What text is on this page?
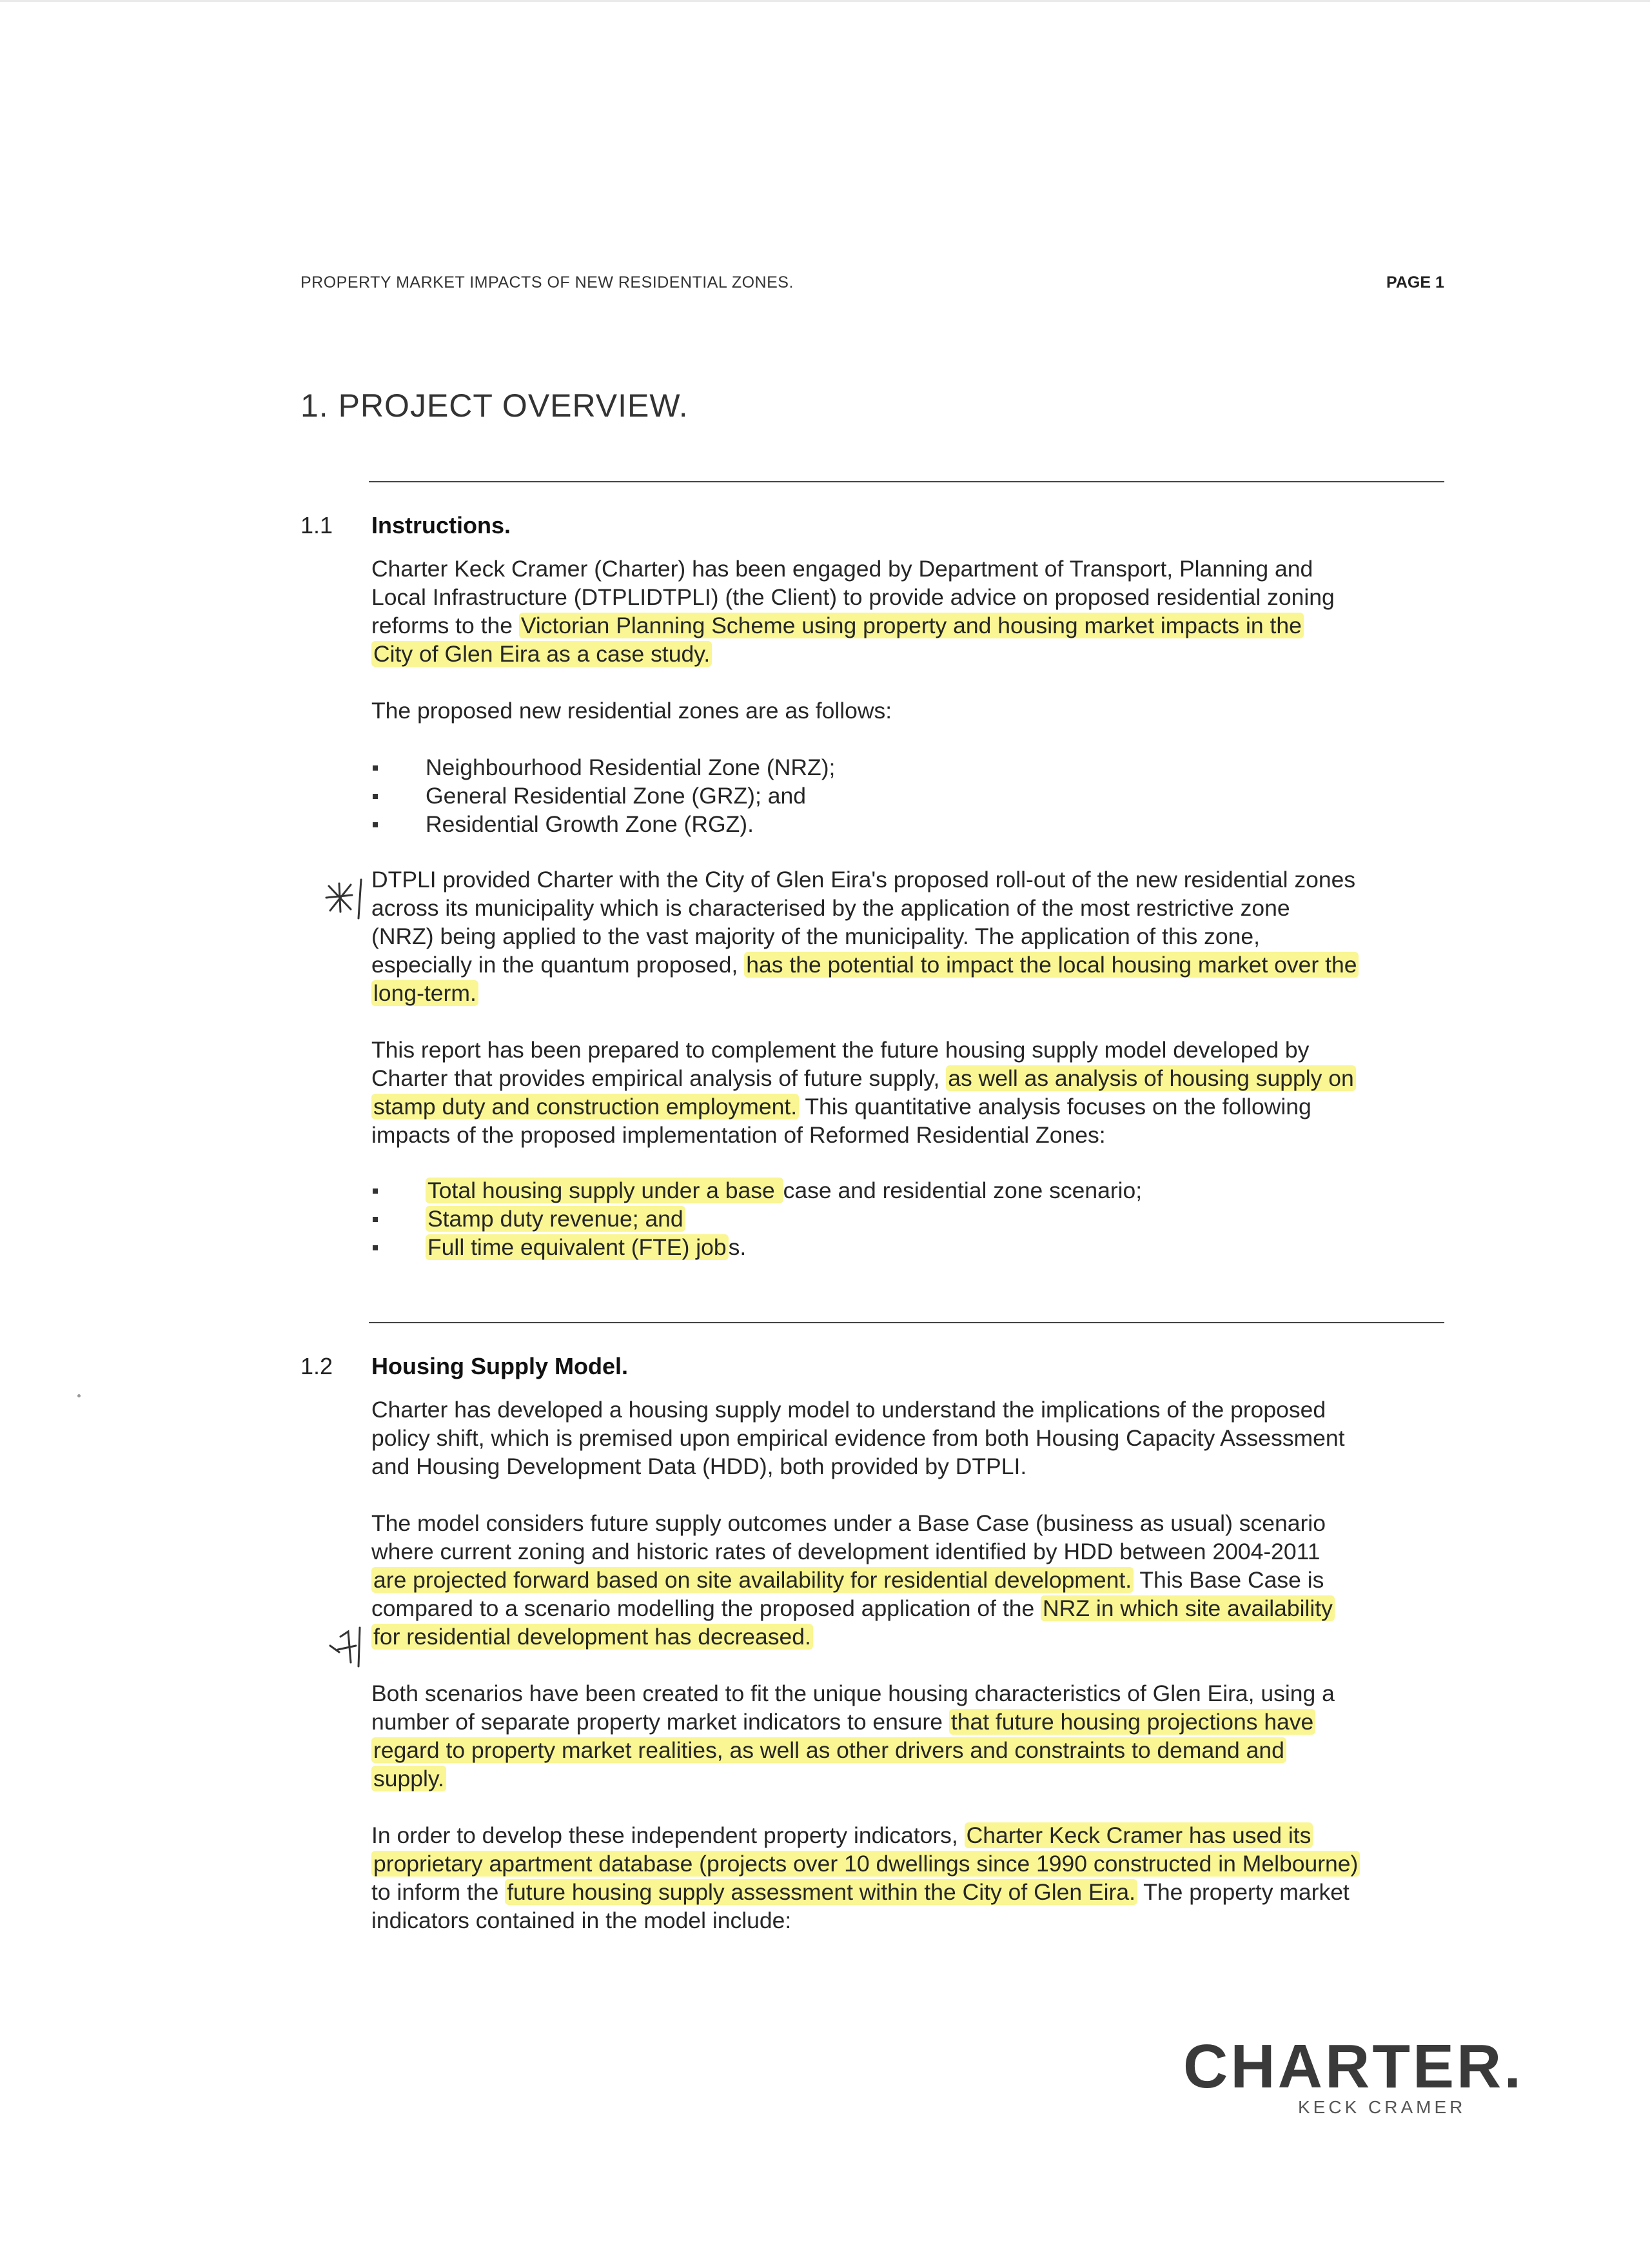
PROPERTY MARKET IMPACTS OF NEW RESIDENTIAL ZONES.	PAGE 1
1. PROJECT OVERVIEW.
1.1 Instructions.
Charter Keck Cramer (Charter) has been engaged by Department of Transport, Planning and
Local Infrastructure (DTPLIDTPLI) (the Client) to provide advice on proposed residential zoning
reforms to the Victorian Planning Scheme using property and housing market impacts in the
City of Glen Eira as a case study.
The proposed new residential zones are as follows:
Neighbourhood Residential Zone (NRZ);
General Residential Zone (GRZ); and
Residential Growth Zone (RGZ).
DTPLI provided Charter with the City of Glen Eira's proposed roll-out of the new residential zones
across its municipality which is characterised by the application of the most restrictive zone
(NRZ) being applied to the vast majority of the municipality. The application of this zone,
especially in the quantum proposed, has the potential to impact the local housing market over the
long-term.
This report has been prepared to complement the future housing supply model developed by
Charter that provides empirical analysis of future supply, as well as analysis of housing supply on
stamp duty and construction employment. This quantitative analysis focuses on the following
impacts of the proposed implementation of Reformed Residential Zones:
Total housing supply under a base case and residential zone scenario;
Stamp duty revenue; and
Full time equivalent (FTE) jobs.
1.2 Housing Supply Model.
Charter has developed a housing supply model to understand the implications of the proposed
policy shift, which is premised upon empirical evidence from both Housing Capacity Assessment
and Housing Development Data (HDD), both provided by DTPLI.
The model considers future supply outcomes under a Base Case (business as usual) scenario
where current zoning and historic rates of development identified by HDD between 2004-2011
are projected forward based on site availability for residential development. This Base Case is
compared to a scenario modelling the proposed application of the NRZ in which site availability
for residential development has decreased.
Both scenarios have been created to fit the unique housing characteristics of Glen Eira, using a
number of separate property market indicators to ensure that future housing projections have
regard to property market realities, as well as other drivers and constraints to demand and
supply.
In order to develop these independent property indicators, Charter Keck Cramer has used its
proprietary apartment database (projects over 10 dwellings since 1990 constructed in Melbourne)
to inform the future housing supply assessment within the City of Glen Eira. The property market
indicators contained in the model include:
CHARTER.
KECK CRAMER
